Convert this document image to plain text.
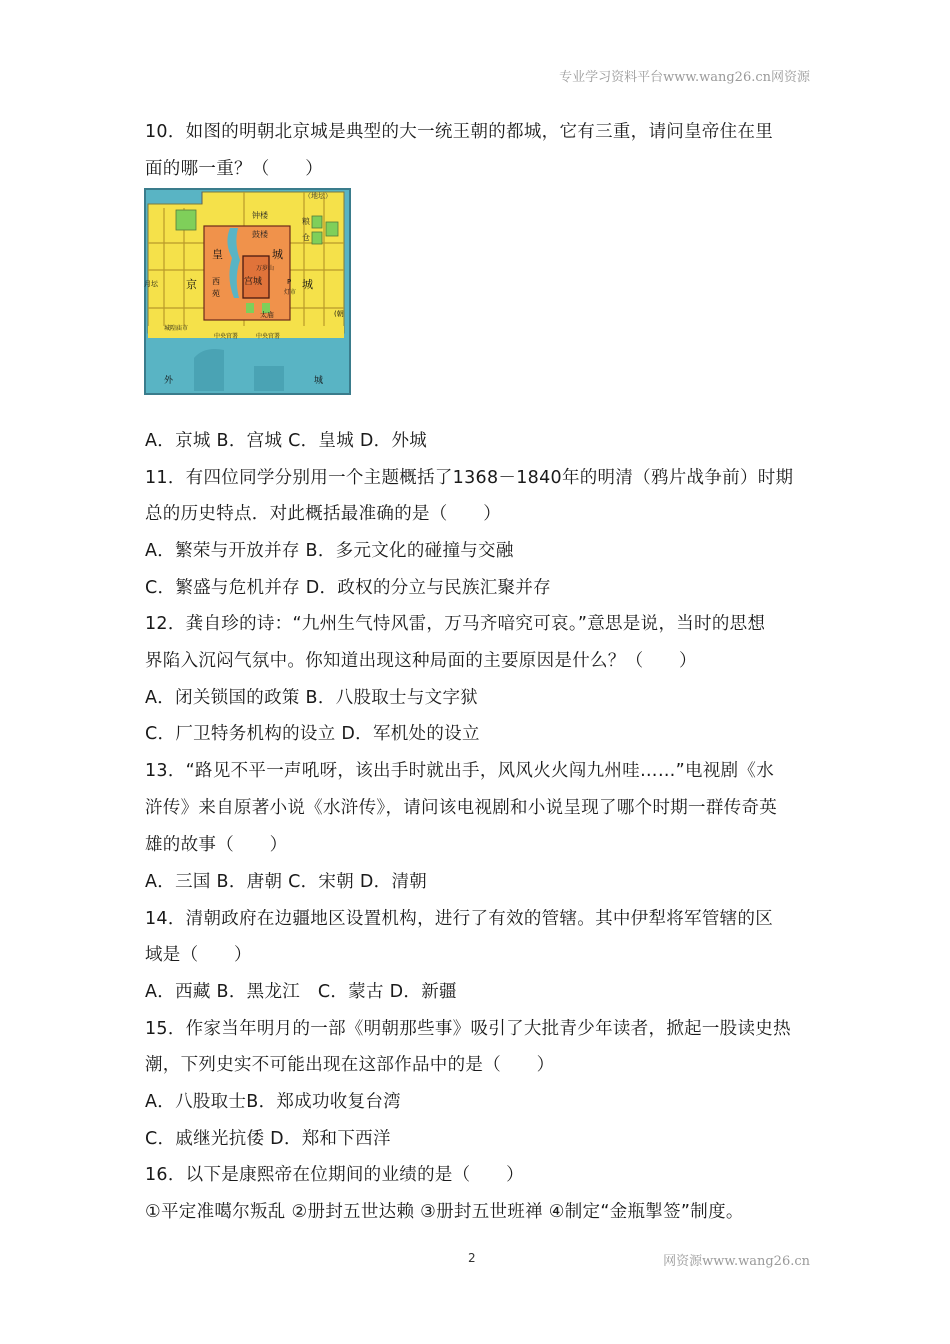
专业学习资料平台www.wang26.cn网资源
10．如图的明朝北京城是典型的大一统王朝的都城，它有三重，请问皇帝住在里
面的哪一重？（　　）
（地坛）
钟楼
鼓楼
粮
仓
皇	城
京	城
宫城
西
苑
万岁山
太庙
月坛
(朝
城隍庙市
中央官署	中央官署
P
灯市
外	城
A．京城 B．宫城 C．皇城 D．外城
11．有四位同学分别用一个主题概括了1368－1840年的明清（鸦片战争前）时期
总的历史特点．对此概括最准确的是（　　）
A．繁荣与开放并存 B．多元文化的碰撞与交融
C．繁盛与危机并存 D．政权的分立与民族汇聚并存
12．龚自珍的诗：“九州生气恃风雷，万马齐喑究可哀。”意思是说，当时的思想
界陷入沉闷气氛中。你知道出现这种局面的主要原因是什么？（　　）
A．闭关锁国的政策 B．八股取士与文字狱
C．厂卫特务机构的设立 D．军机处的设立
13．“路见不平一声吼呀，该出手时就出手，风风火火闯九州哇……”电视剧《水
浒传》来自原著小说《水浒传》，请问该电视剧和小说呈现了哪个时期一群传奇英
雄的故事（　　）
A．三国 B．唐朝 C．宋朝 D．清朝
14．清朝政府在边疆地区设置机构，进行了有效的管辖。其中伊犁将军管辖的区
域是（　　）
A．西藏 B．黑龙江　C．蒙古 D．新疆
15．作家当年明月的一部《明朝那些事》吸引了大批青少年读者，掀起一股读史热
潮，下列史实不可能出现在这部作品中的是（　　）
A．八股取士B．郑成功收复台湾
C．戚继光抗倭 D．郑和下西洋
16．以下是康熙帝在位期间的业绩的是（　　）
①平定准噶尔叛乱 ②册封五世达赖 ③册封五世班禅 ④制定“金瓶掣签”制度。
2	网资源www.wang26.cn
